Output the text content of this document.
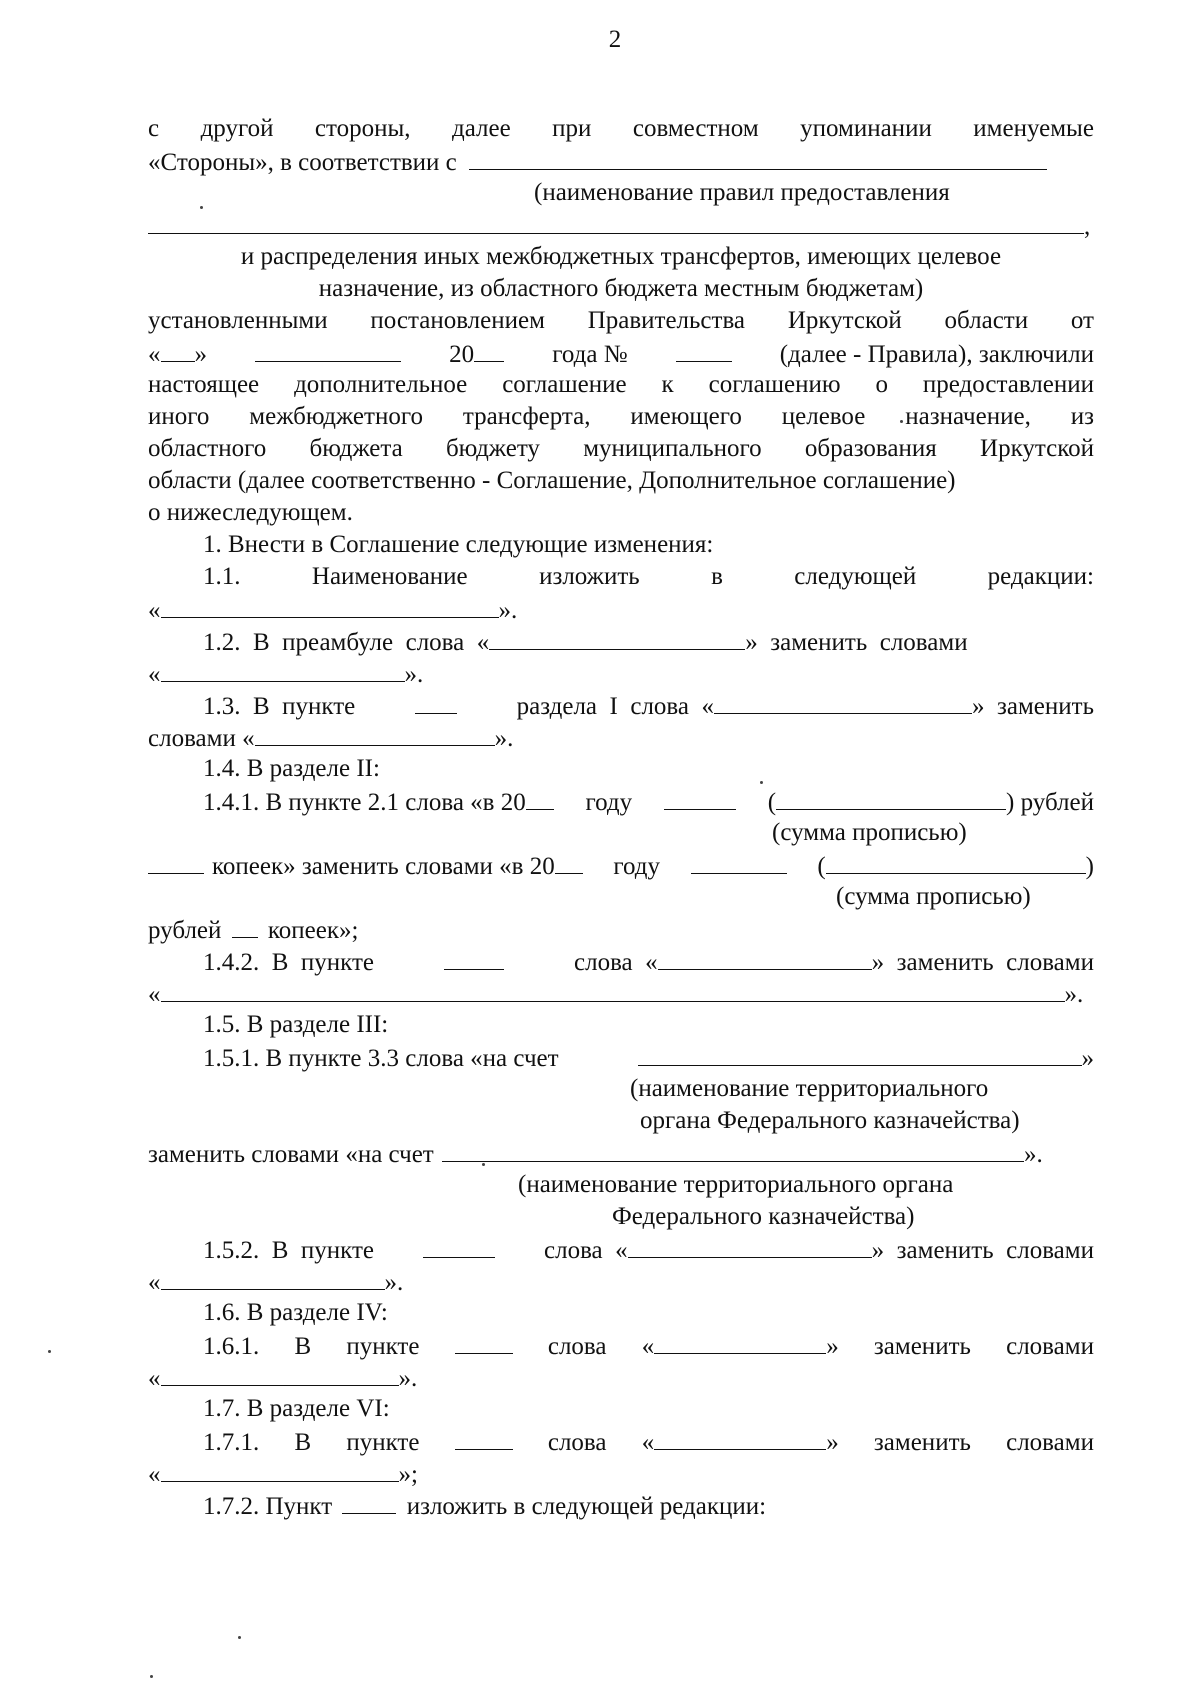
2
с другой стороны, далее при совместном упоминании именуемые
«Стороны», в соответствии с
(наименование правил предоставления
,
и распределения иных межбюджетных трансфертов, имеющих целевое
назначение, из областного бюджета местным бюджетам)
установленными постановлением Правительства Иркутской области от
« »	20	года №	(далее - Правила), заключили
настоящее дополнительное соглашение к соглашению о предоставлении
иного межбюджетного трансферта, имеющего целевое назначение, из
областного бюджета бюджету муниципального образования Иркутской
области (далее соответственно - Соглашение, Дополнительное соглашение)
о нижеследующем.
1. Внести в Соглашение следующие изменения:
1.1.	Наименование	изложить	в	следующей	редакции:
«	».
1.2.  В  преамбуле  слова  «	»  заменить  словами
«	».
1.3.  В  пункте	раздела  I  слова  «	»  заменить
словами «	».
1.4. В разделе II:
1.4.1. В пункте 2.1 слова «в 20	году	(	) рублей
(сумма прописью)
копеек» заменить словами «в 20	году	(	)
(сумма прописью)
рублей копеек»;
1.4.2.  В  пункте	слова  «	»  заменить  словами
«	».
1.5. В разделе III:
1.5.1. В пункте 3.3 слова «на счет	»
(наименование территориального
органа Федерального казначейства)
заменить словами «на счет	».
(наименование территориального органа
Федерального казначейства)
1.5.2.  В  пункте	слова  «	»  заменить  словами
«	».
1.6. В разделе IV:
1.6.1. В пункте	слова «	» заменить словами
«	».
1.7. В разделе VI:
1.7.1. В пункте	слова «	» заменить словами
«	»;
1.7.2. Пункт	изложить в следующей редакции:
